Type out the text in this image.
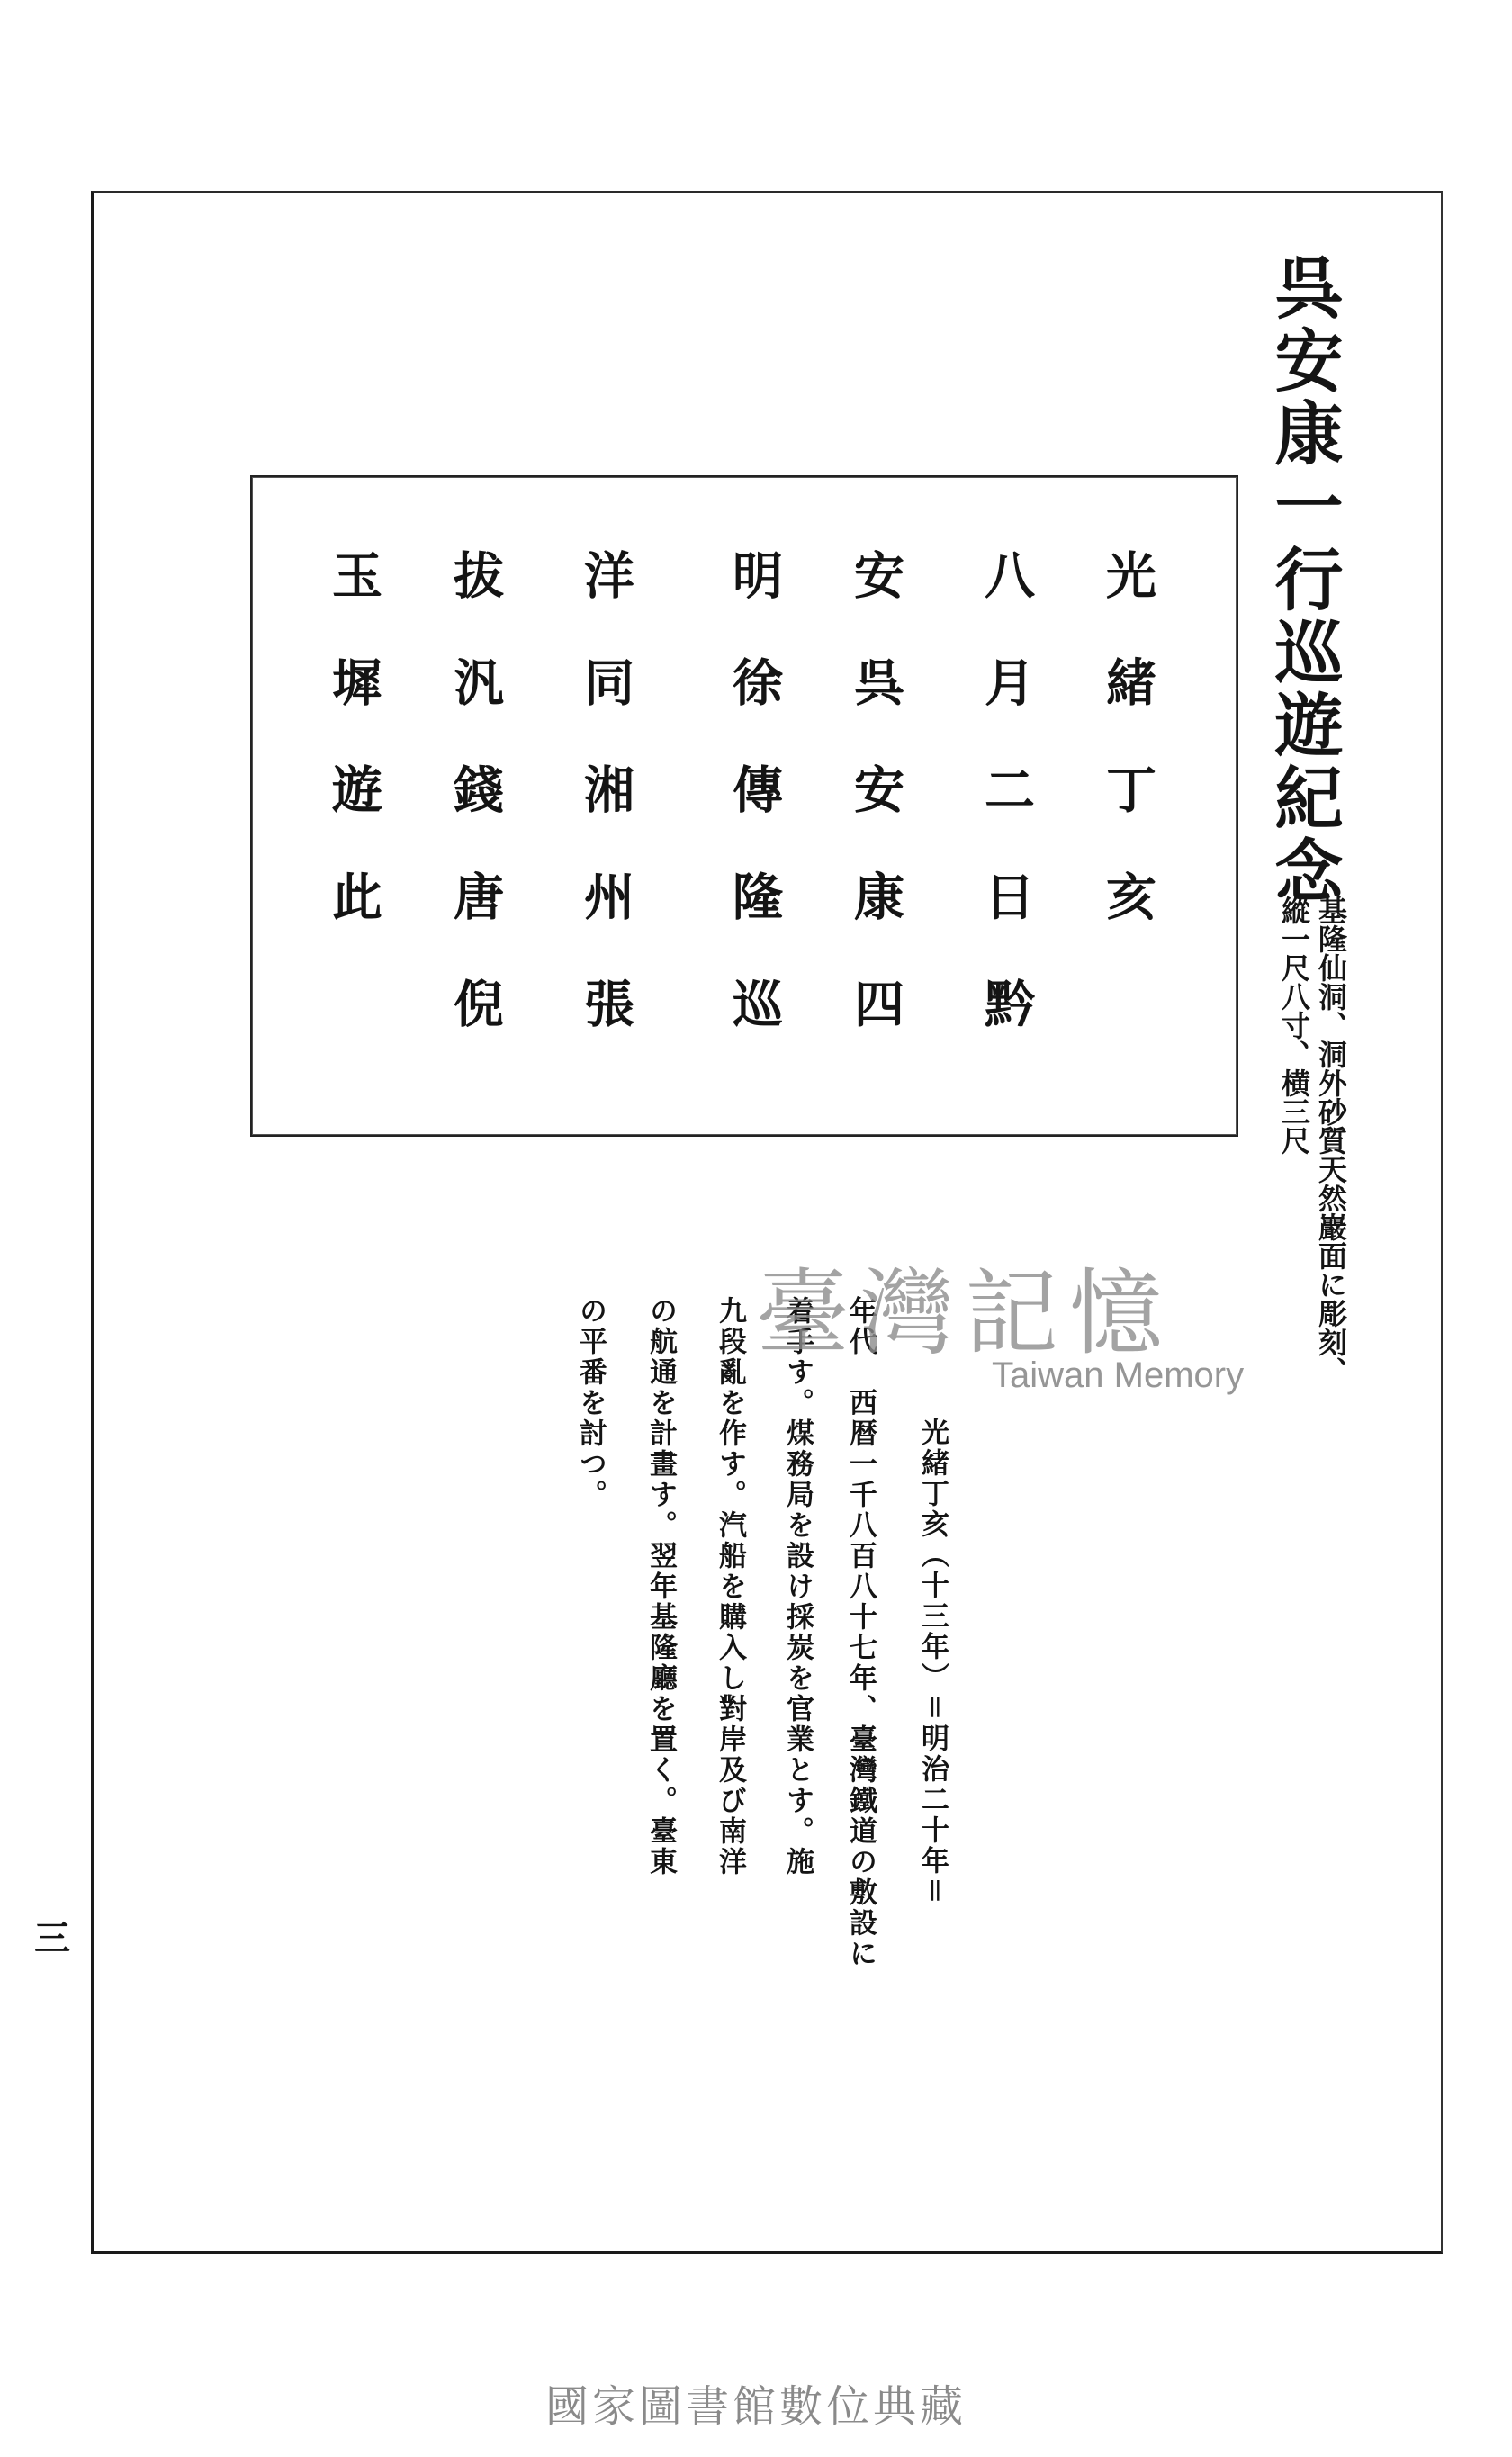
呉安康一行巡遊紀念

基隆仙洞、洞外砂質天然巖面に彫刻、

縱一尺八寸、横三尺

光緒丁亥
八月二日黔
安呉安康四
明徐傳隆巡
洋同湘州張
拔汎錢唐倪
玉墀遊此

光緒丁亥（十三年）＝明治二十年＝

年代　西暦一千八百八十七年、臺灣鐵道の敷設に

着手す。煤務局を設け採炭を官業とす。施

九段亂を作す。汽船を購入し對岸及び南洋

の航通を計畫す。翌年基隆廳を置く。臺東

の平番を討つ。

三

臺灣記憶
Taiwan Memory

國家圖書館數位典藏
